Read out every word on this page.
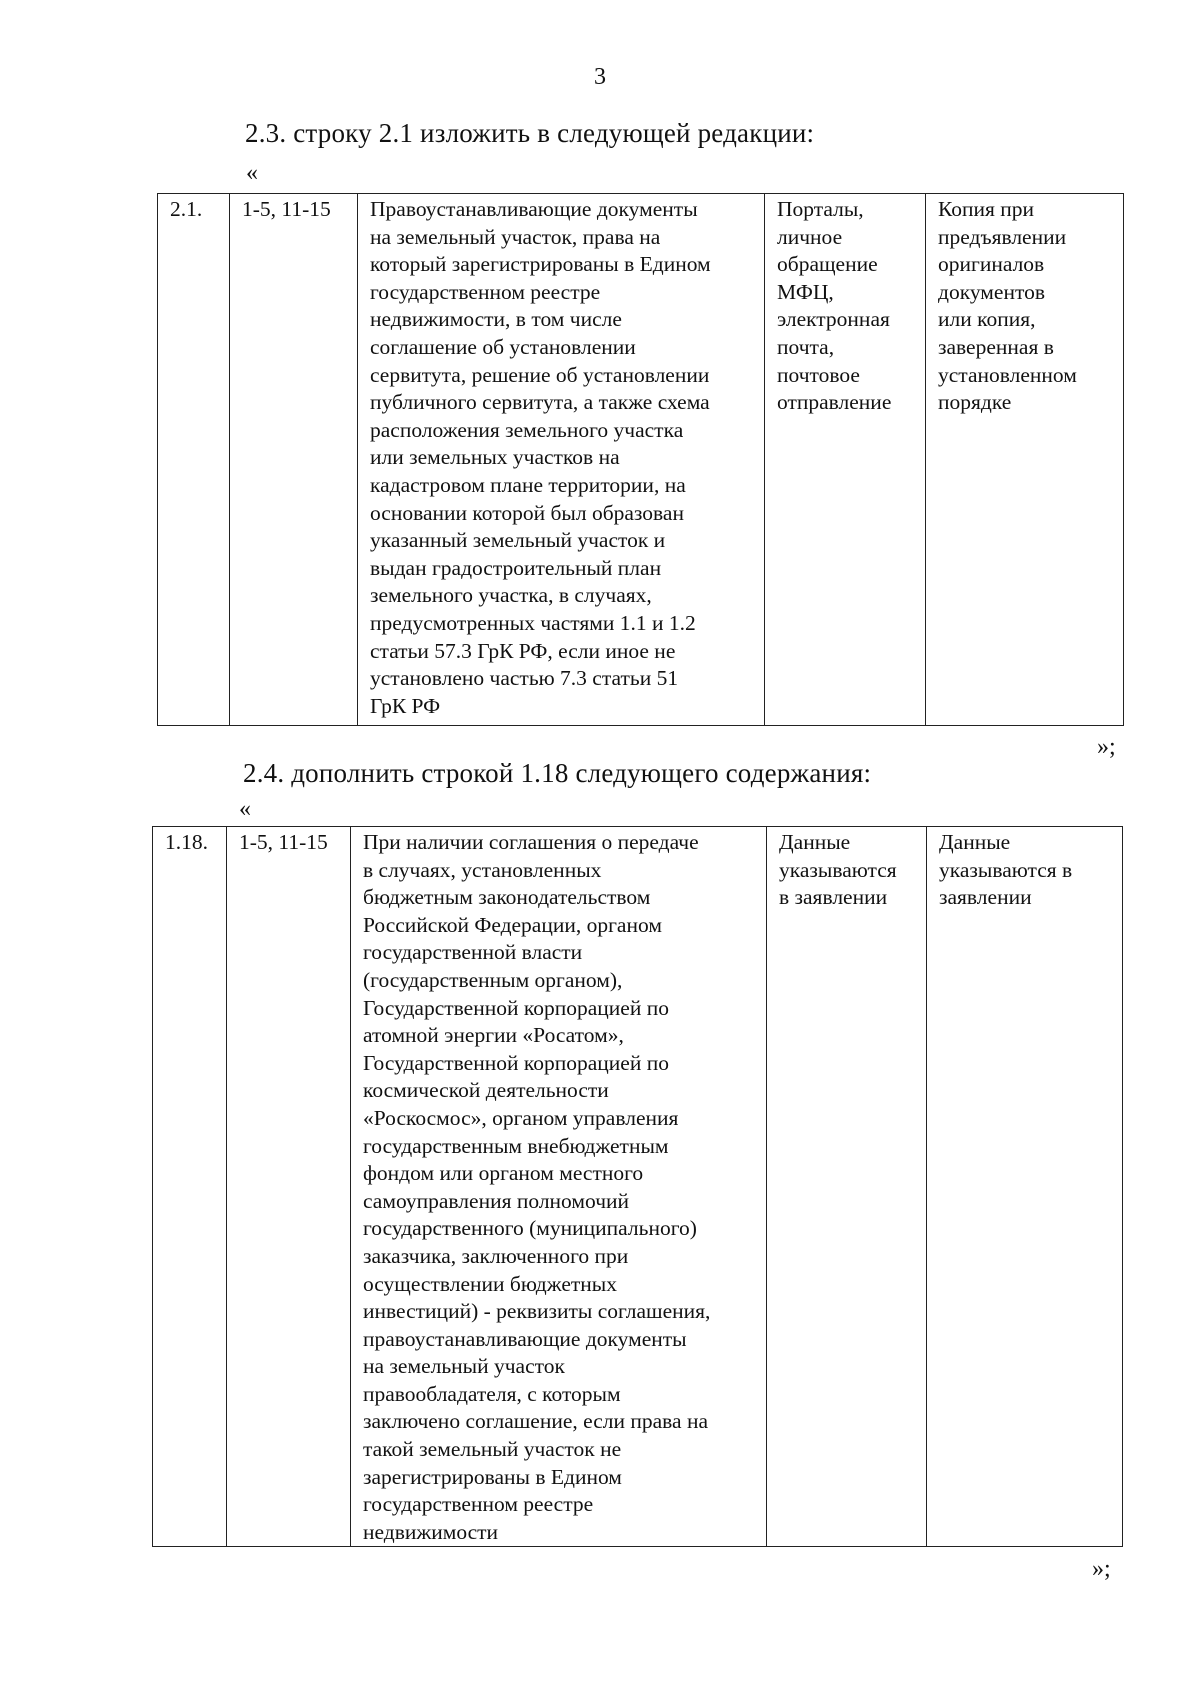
3
2.3. строку 2.1 изложить в следующей редакции:
«
2.1.	1-5, 11-15	Правоустанавливающие документы
на земельный участок, права на
который зарегистрированы в Едином
государственном реестре
недвижимости, в том числе
соглашение об установлении
сервитута, решение об установлении
публичного сервитута, а также схема
расположения земельного участка
или земельных участков на
кадастровом плане территории, на
основании которой был образован
указанный земельный участок и
выдан градостроительный план
земельного участка, в случаях,
предусмотренных частями 1.1 и 1.2
статьи 57.3 ГрК РФ, если иное не
установлено частью 7.3 статьи 51
ГрК РФ	Порталы,
личное
обращение
МФЦ,
электронная
почта,
почтовое
отправление	Копия при
предъявлении
оригиналов
документов
или копия,
заверенная в
установленном
порядке
»;
2.4. дополнить строкой 1.18 следующего содержания:
«
1.18.	1-5, 11-15	При наличии соглашения о передаче
в случаях, установленных
бюджетным законодательством
Российской Федерации, органом
государственной власти
(государственным органом),
Государственной корпорацией по
атомной энергии «Росатом»,
Государственной корпорацией по
космической деятельности
«Роскосмос», органом управления
государственным внебюджетным
фондом или органом местного
самоуправления полномочий
государственного (муниципального)
заказчика, заключенного при
осуществлении бюджетных
инвестиций) - реквизиты соглашения,
правоустанавливающие документы
на земельный участок
правообладателя, с которым
заключено соглашение, если права на
такой земельный участок не
зарегистрированы в Едином
государственном реестре
недвижимости	Данные
указываются
в заявлении	Данные
указываются в
заявлении
»;
